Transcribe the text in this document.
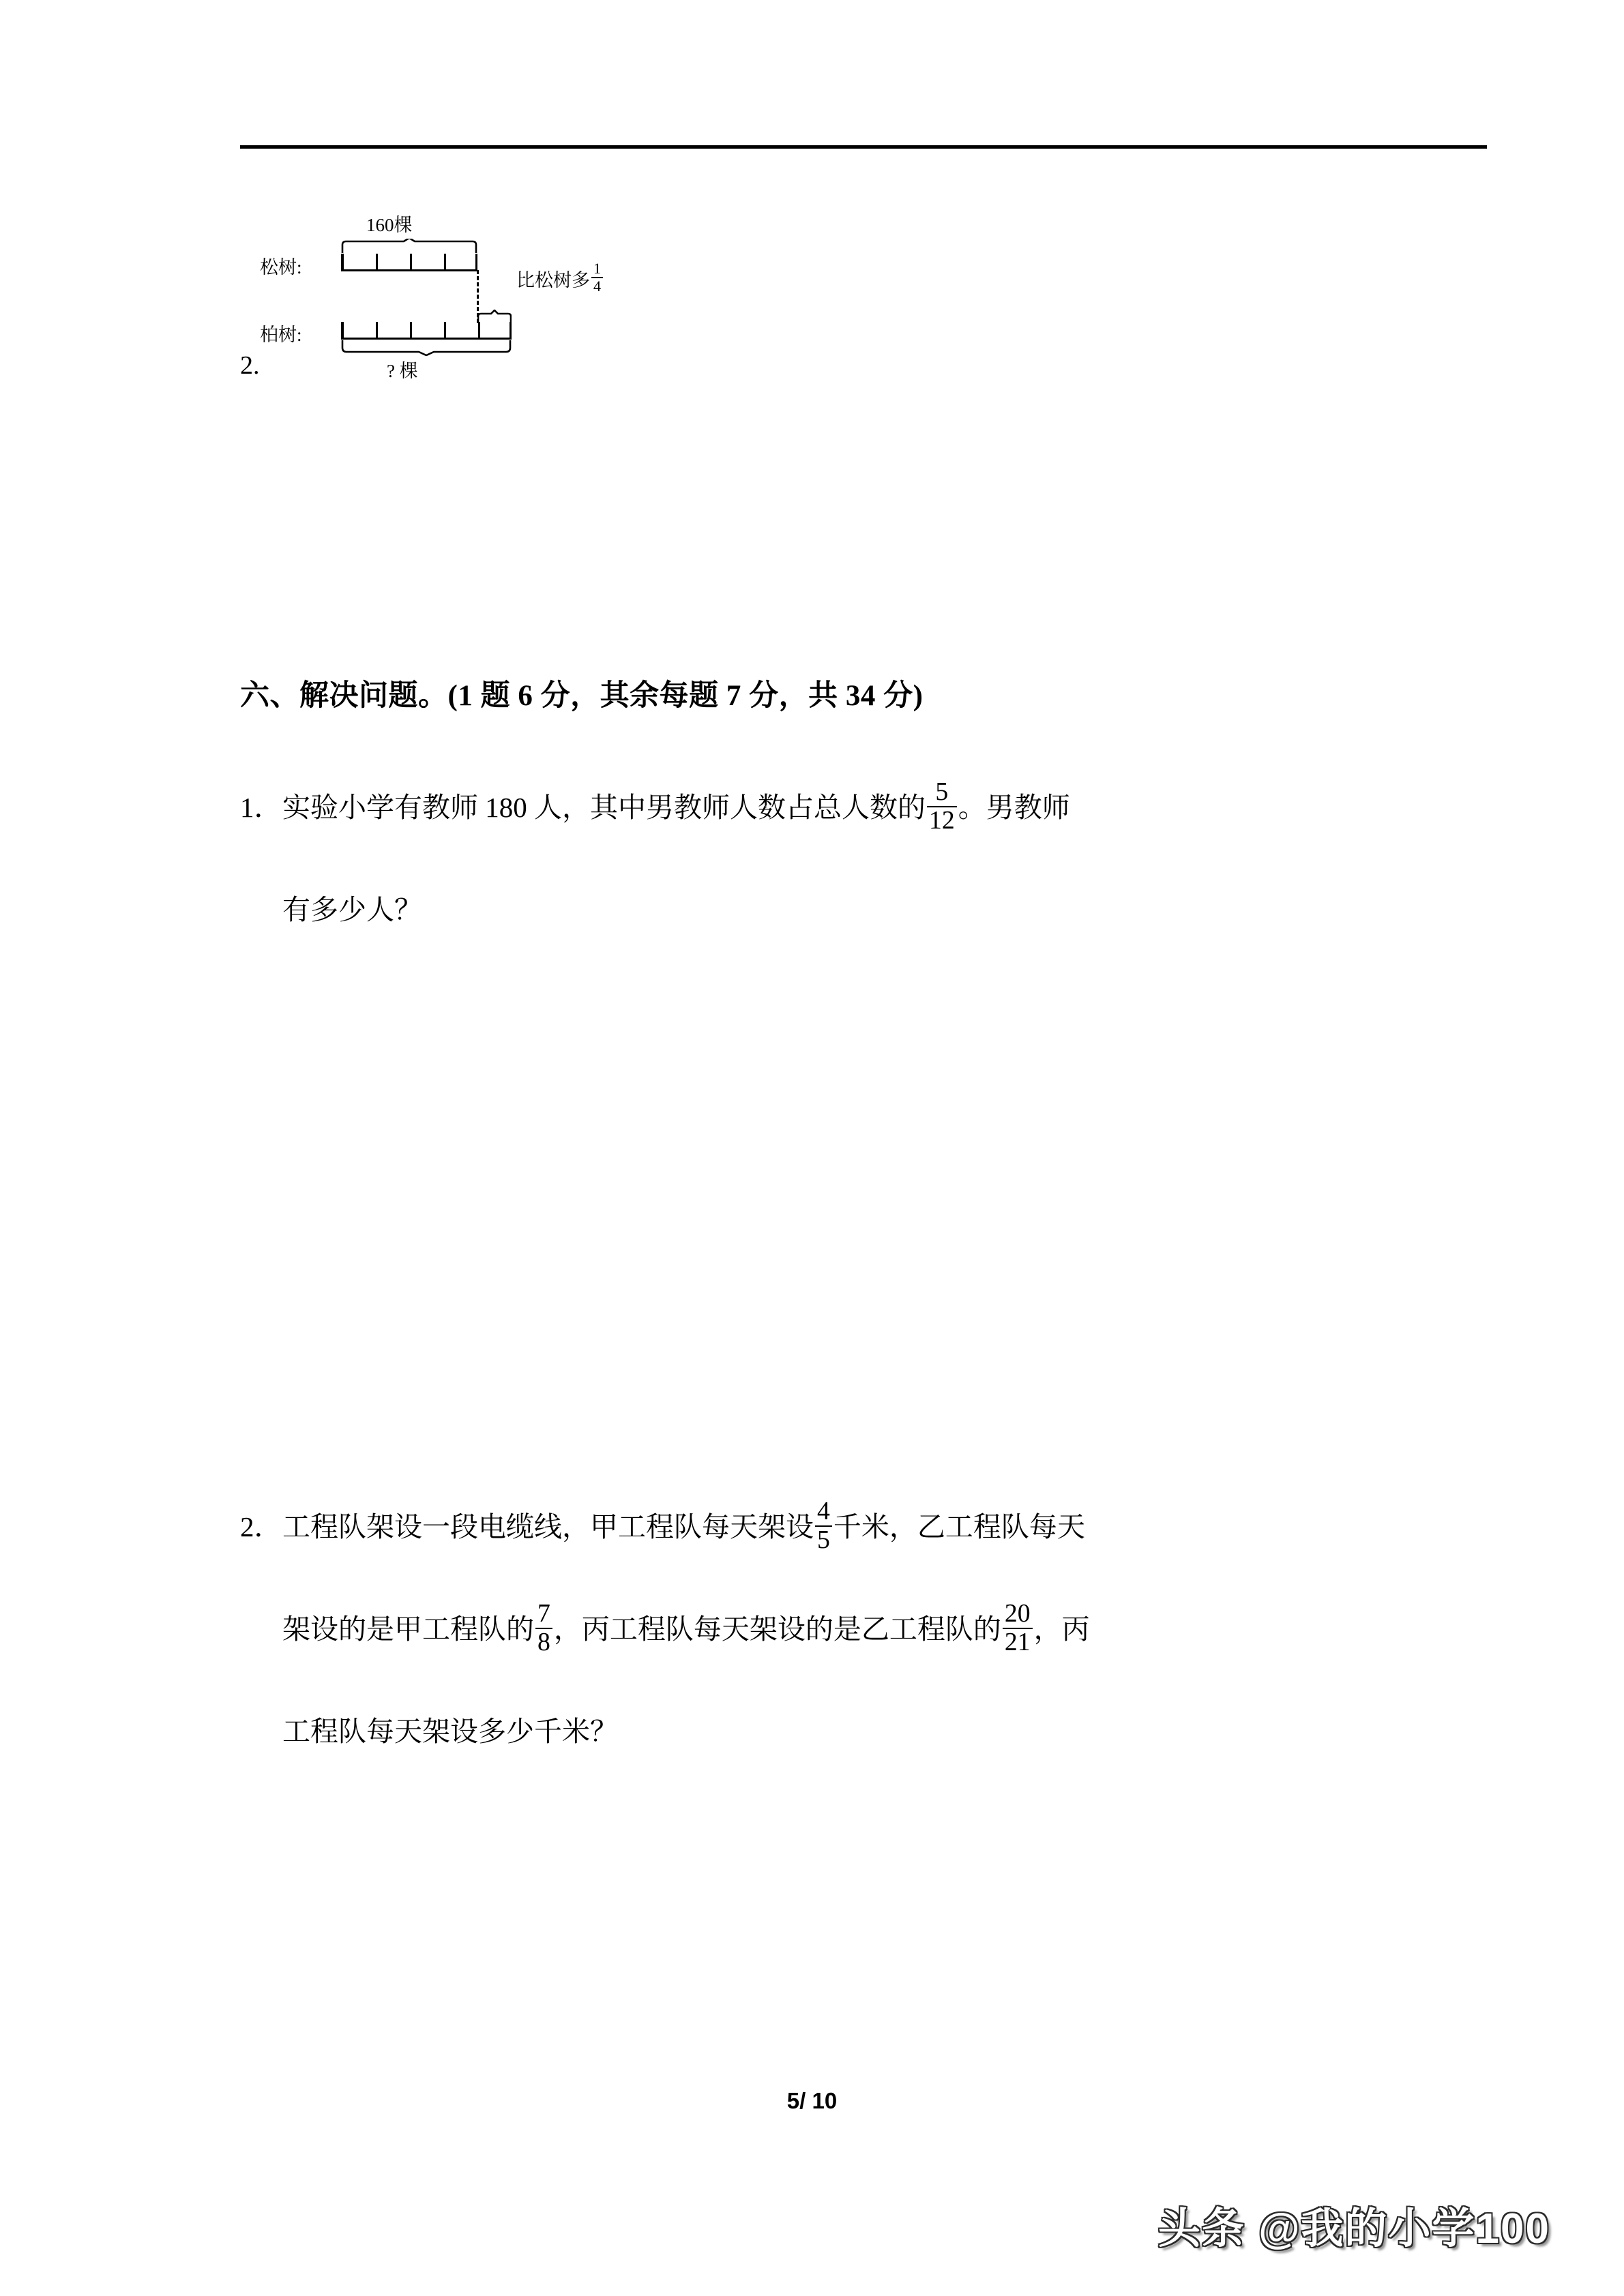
松树:
柏树:
160棵
? 棵
比松树多 $\frac{1}{4}$
2.
六、解决问题。(1 题 6 分，其余每题 7 分，共 34 分)
1． 实验小学有教师 180 人，其中男教师人数占总人数的 $\frac{5}{12}$ 。男教师
有多少人？
2． 工程队架设一段电缆线，甲工程队每天架设 $\frac{4}{5}$ 千米，乙工程队每天
架设的是甲工程队的 $\frac{7}{8}$ ，丙工程队每天架设的是乙工程队的 $\frac{20}{21}$ ，丙
工程队每天架设多少千米？
5/ 10
头条 @我的小学100
